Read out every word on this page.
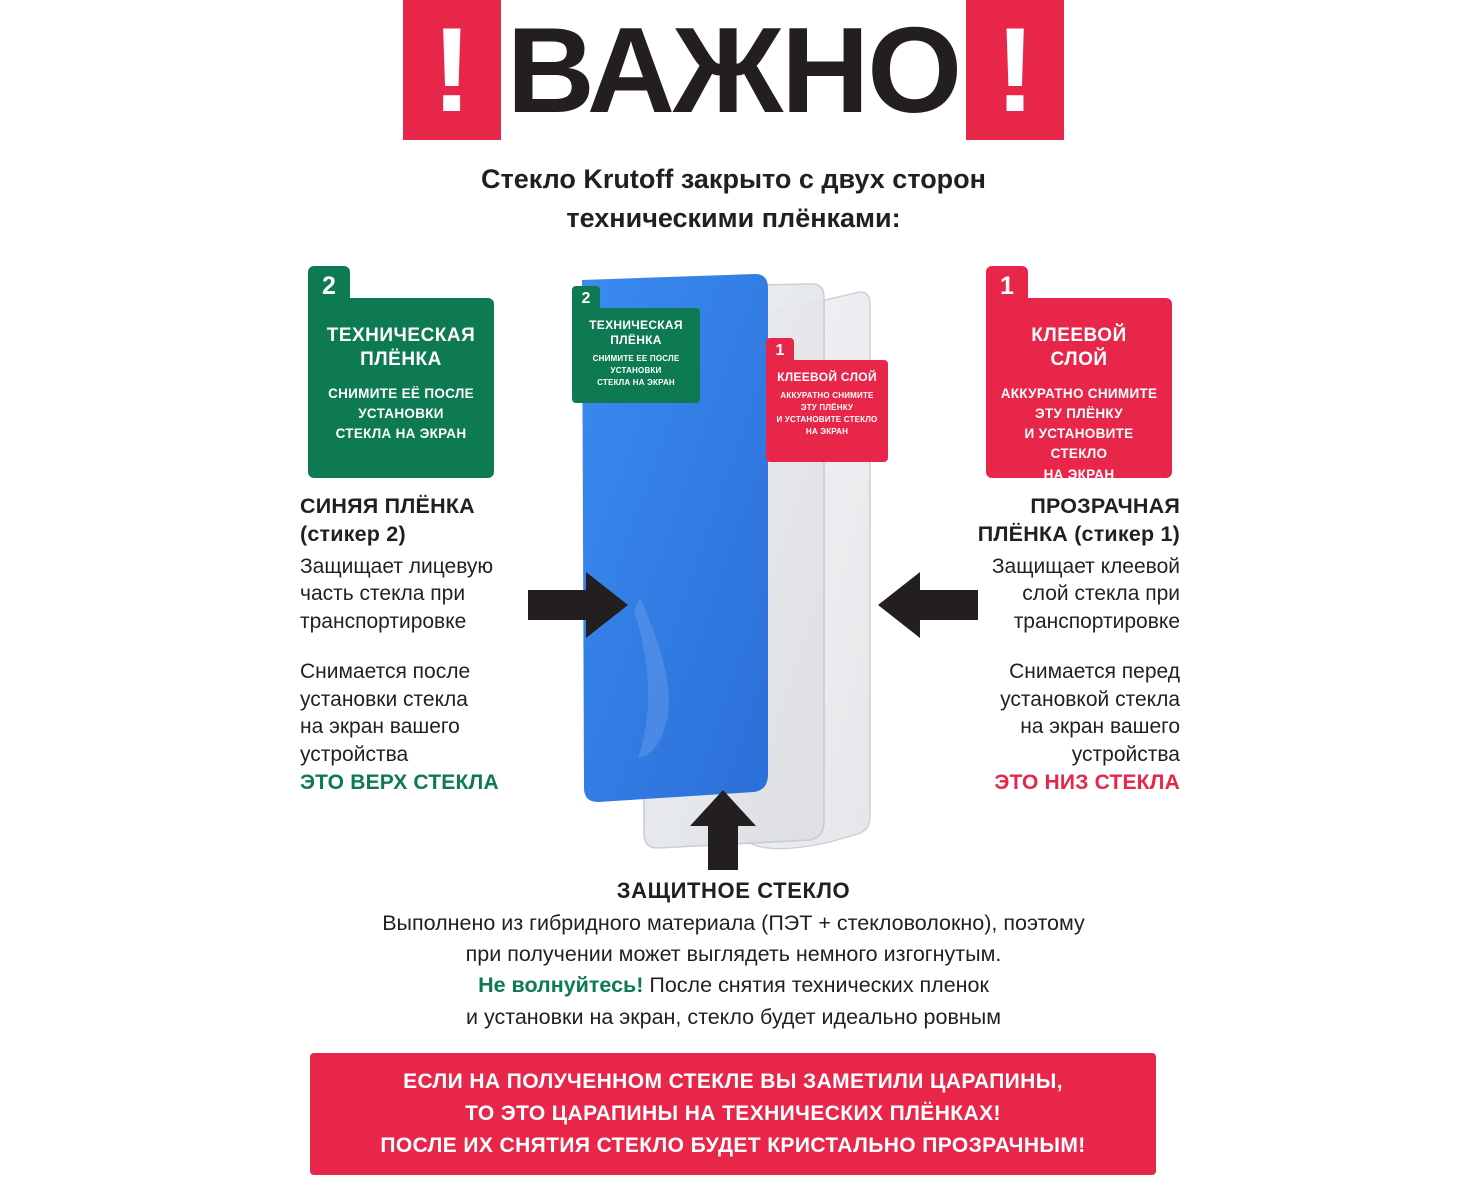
! ВАЖНО !
Стекло Krutoff закрыто с двух сторон
техническими плёнками:
2
ТЕХНИЧЕСКАЯ
ПЛЁНКА
СНИМИТЕ ЕЁ ПОСЛЕ
УСТАНОВКИ
СТЕКЛА НА ЭКРАН
1
КЛЕЕВОЙ СЛОЙ
АККУРАТНО СНИМИТЕ
ЭТУ ПЛЁНКУ
И УСТАНОВИТЕ СТЕКЛО
НА ЭКРАН
2
ТЕХНИЧЕСКАЯ
ПЛЁНКА
СНИМИТЕ ЕЕ ПОСЛЕ
УСТАНОВКИ
СТЕКЛА НА ЭКРАН
1
КЛЕЕВОЙ СЛОЙ
АККУРАТНО СНИМИТЕ
ЭТУ ПЛЁНКУ
И УСТАНОВИТЕ СТЕКЛО
НА ЭКРАН
СИНЯЯ ПЛЁНКА
(стикер 2)
Защищает лицевую
часть стекла при
транспортировке
Снимается после
установки стекла
на экран вашего
устройства
ЭТО ВЕРХ СТЕКЛА
ПРОЗРАЧНАЯ
ПЛЁНКА (стикер 1)
Защищает клеевой
слой стекла при
транспортировке
Снимается перед
установкой стекла
на экран вашего
устройства
ЭТО НИЗ СТЕКЛА
ЗАЩИТНОЕ СТЕКЛО
Выполнено из гибридного материала (ПЭТ + стекловолокно), поэтому
при получении может выглядеть немного изгогнутым.
Не волнуйтесь! После снятия технических пленок
и установки на экран, стекло будет идеально ровным
ЕСЛИ НА ПОЛУЧЕННОМ СТЕКЛЕ ВЫ ЗАМЕТИЛИ ЦАРАПИНЫ,
ТО ЭТО ЦАРАПИНЫ НА ТЕХНИЧЕСКИХ ПЛЁНКАХ!
ПОСЛЕ ИХ СНЯТИЯ СТЕКЛО БУДЕТ КРИСТАЛЬНО ПРОЗРАЧНЫМ!
